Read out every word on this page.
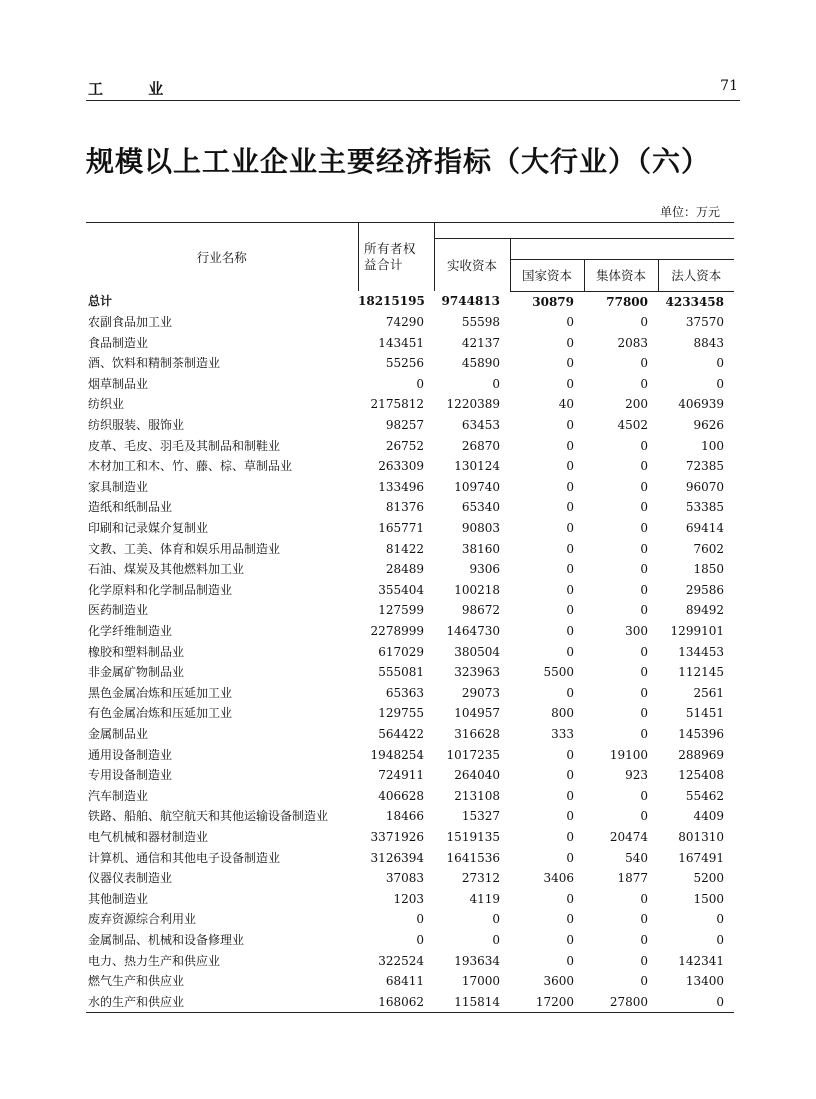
工 业	71
规模以上工业企业主要经济指标（大行业）（六）
单位：万元
行业名称	所有者权益合计				
		实收资本			
			国家资本	集体资本	法人资本
总计	18215195	9744813	30879	77800	4233458
农副食品加工业	74290	55598	0	0	37570
食品制造业	143451	42137	0	2083	8843
酒、饮料和精制茶制造业	55256	45890	0	0	0
烟草制品业	0	0	0	0	0
纺织业	2175812	1220389	40	200	406939
纺织服装、服饰业	98257	63453	0	4502	9626
皮革、毛皮、羽毛及其制品和制鞋业	26752	26870	0	0	100
木材加工和木、竹、藤、棕、草制品业	263309	130124	0	0	72385
家具制造业	133496	109740	0	0	96070
造纸和纸制品业	81376	65340	0	0	53385
印刷和记录媒介复制业	165771	90803	0	0	69414
文教、工美、体育和娱乐用品制造业	81422	38160	0	0	7602
石油、煤炭及其他燃料加工业	28489	9306	0	0	1850
化学原料和化学制品制造业	355404	100218	0	0	29586
医药制造业	127599	98672	0	0	89492
化学纤维制造业	2278999	1464730	0	300	1299101
橡胶和塑料制品业	617029	380504	0	0	134453
非金属矿物制品业	555081	323963	5500	0	112145
黑色金属冶炼和压延加工业	65363	29073	0	0	2561
有色金属冶炼和压延加工业	129755	104957	800	0	51451
金属制品业	564422	316628	333	0	145396
通用设备制造业	1948254	1017235	0	19100	288969
专用设备制造业	724911	264040	0	923	125408
汽车制造业	406628	213108	0	0	55462
铁路、船舶、航空航天和其他运输设备制造业	18466	15327	0	0	4409
电气机械和器材制造业	3371926	1519135	0	20474	801310
计算机、通信和其他电子设备制造业	3126394	1641536	0	540	167491
仪器仪表制造业	37083	27312	3406	1877	5200
其他制造业	1203	4119	0	0	1500
废弃资源综合利用业	0	0	0	0	0
金属制品、机械和设备修理业	0	0	0	0	0
电力、热力生产和供应业	322524	193634	0	0	142341
燃气生产和供应业	68411	17000	3600	0	13400
水的生产和供应业	168062	115814	17200	27800	0
